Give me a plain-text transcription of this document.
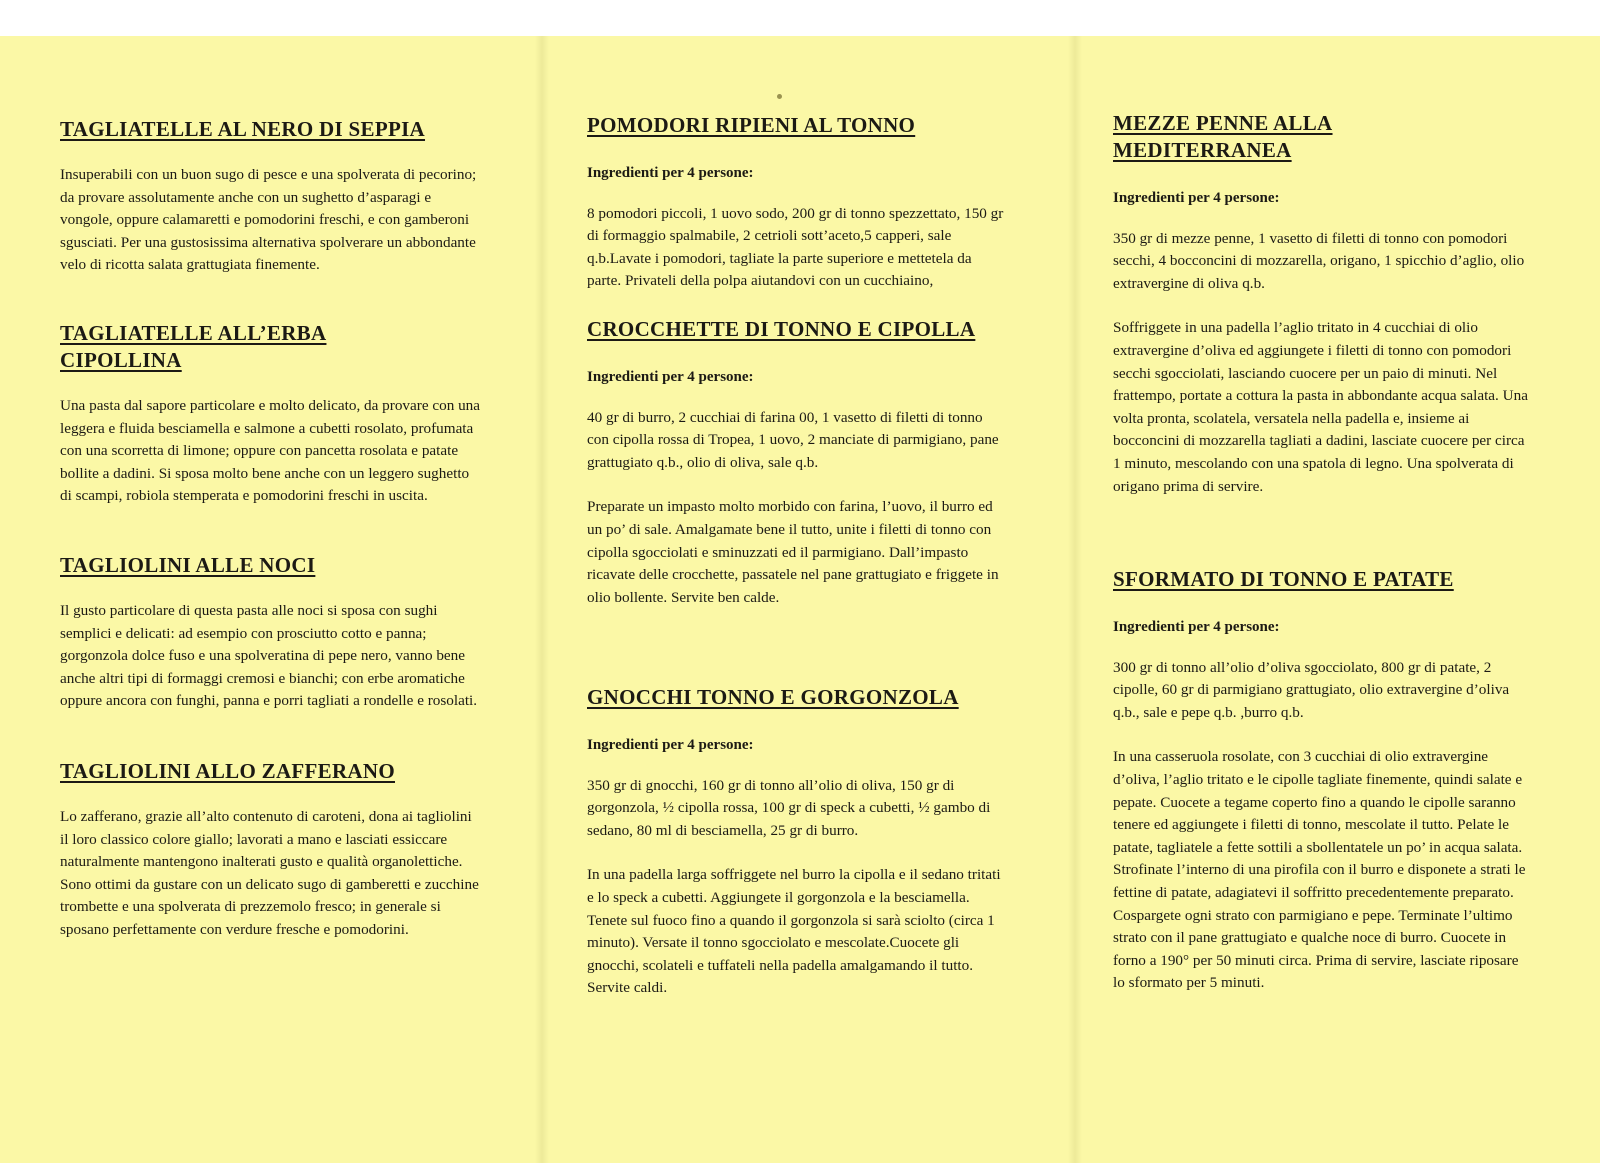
TAGLIATELLE AL NERO DI SEPPIA

Insuperabili con un buon sugo di pesce e una spolverata di pecorino; da provare assolutamente anche con un sughetto d’asparagi e vongole, oppure calamaretti e pomodorini freschi, e con gamberoni sgusciati. Per una gustosissima alternativa spolverare un abbondante velo di ricotta salata grattugiata finemente.

TAGLIATELLE ALL’ERBA CIPOLLINA

Una pasta dal sapore particolare e molto delicato, da provare con una leggera e fluida besciamella e salmone a cubetti rosolato, profumata con una scorretta di limone; oppure con pancetta rosolata e patate bollite a dadini. Si sposa molto bene anche con un leggero sughetto di scampi, robiola stemperata e pomodorini freschi in uscita.

TAGLIOLINI ALLE NOCI

Il gusto particolare di questa pasta alle noci si sposa con sughi semplici e delicati: ad esempio con prosciutto cotto e panna; gorgonzola dolce fuso e una spolveratina di pepe nero, vanno bene anche altri tipi di formaggi cremosi e bianchi; con erbe aromatiche oppure ancora con funghi, panna e porri tagliati a rondelle e rosolati.

TAGLIOLINI ALLO ZAFFERANO

Lo zafferano, grazie all’alto contenuto di caroteni, dona ai tagliolini il loro classico colore giallo; lavorati a mano e lasciati essiccare naturalmente mantengono inalterati gusto e qualità organolettiche. Sono ottimi da gustare con un delicato sugo di gamberetti e zucchine trombette e una spolverata di prezzemolo fresco; in generale si sposano perfettamente con verdure fresche e pomodorini.

POMODORI RIPIENI AL TONNO

Ingredienti per 4 persone:

8 pomodori piccoli, 1 uovo sodo, 200 gr di tonno spezzettato, 150 gr di formaggio spalmabile, 2 cetrioli sott’aceto,5 capperi, sale q.b.Lavate i pomodori, tagliate la parte superiore e mettetela da parte. Privateli della polpa aiutandovi con un cucchiaino,

CROCCHETTE DI TONNO E CIPOLLA

Ingredienti per 4 persone:

40 gr di burro, 2 cucchiai di farina 00, 1 vasetto di filetti di tonno con cipolla rossa di Tropea, 1 uovo, 2 manciate di parmigiano, pane grattugiato q.b., olio di oliva, sale q.b.

Preparate un impasto molto morbido con farina, l’uovo, il burro ed un po’ di sale. Amalgamate bene il tutto, unite i filetti di tonno con cipolla sgocciolati e sminuzzati ed il parmigiano. Dall’impasto ricavate delle crocchette, passatele nel pane grattugiato e friggete in olio bollente. Servite ben calde.

GNOCCHI TONNO E GORGONZOLA

Ingredienti per 4 persone:

350 gr di gnocchi, 160 gr di tonno all’olio di oliva, 150 gr di gorgonzola, ½ cipolla rossa, 100 gr di speck a cubetti, ½ gambo di sedano, 80 ml di besciamella, 25 gr di burro.

In una padella larga soffriggete nel burro la cipolla e il sedano tritati e lo speck a cubetti. Aggiungete il gorgonzola e la besciamella. Tenete sul fuoco fino a quando il gorgonzola si sarà sciolto (circa 1 minuto). Versate il tonno sgocciolato e mescolate.Cuocete gli gnocchi, scolateli e tuffateli nella padella amalgamando il tutto. Servite caldi.

MEZZE PENNE ALLA MEDITERRANEA

Ingredienti per 4 persone:

350 gr di mezze penne, 1 vasetto di filetti di tonno con pomodori secchi, 4 bocconcini di mozzarella, origano, 1 spicchio d’aglio, olio extravergine di oliva q.b.

Soffriggete in una padella l’aglio tritato in 4 cucchiai di olio extravergine d’oliva ed aggiungete i filetti di tonno con pomodori secchi sgocciolati, lasciando cuocere per un paio di minuti. Nel frattempo, portate a cottura la pasta in abbondante acqua salata. Una volta pronta, scolatela, versatela nella padella e, insieme ai bocconcini di mozzarella tagliati a dadini, lasciate cuocere per circa 1 minuto, mescolando con una spatola di legno. Una spolverata di origano prima di servire.

SFORMATO DI TONNO E PATATE

Ingredienti per 4 persone:

300 gr di tonno all’olio d’oliva sgocciolato, 800 gr di patate, 2 cipolle, 60 gr di parmigiano grattugiato, olio extravergine d’oliva q.b., sale e pepe q.b. ,burro q.b.

In una casseruola rosolate, con 3 cucchiai di olio extravergine d’oliva, l’aglio tritato e le cipolle tagliate finemente, quindi salate e pepate. Cuocete a tegame coperto fino a quando le cipolle saranno tenere ed aggiungete i filetti di tonno, mescolate il tutto. Pelate le patate, tagliatele a fette sottili a sbollentatele un po’ in acqua salata. Strofinate l’interno di una pirofila con il burro e disponete a strati le fettine di patate, adagiatevi il soffritto precedentemente preparato. Cospargete ogni strato con parmigiano e pepe. Terminate l’ultimo strato con il pane grattugiato e qualche noce di burro. Cuocete in forno a 190° per 50 minuti circa. Prima di servire, lasciate riposare lo sformato per 5 minuti.
